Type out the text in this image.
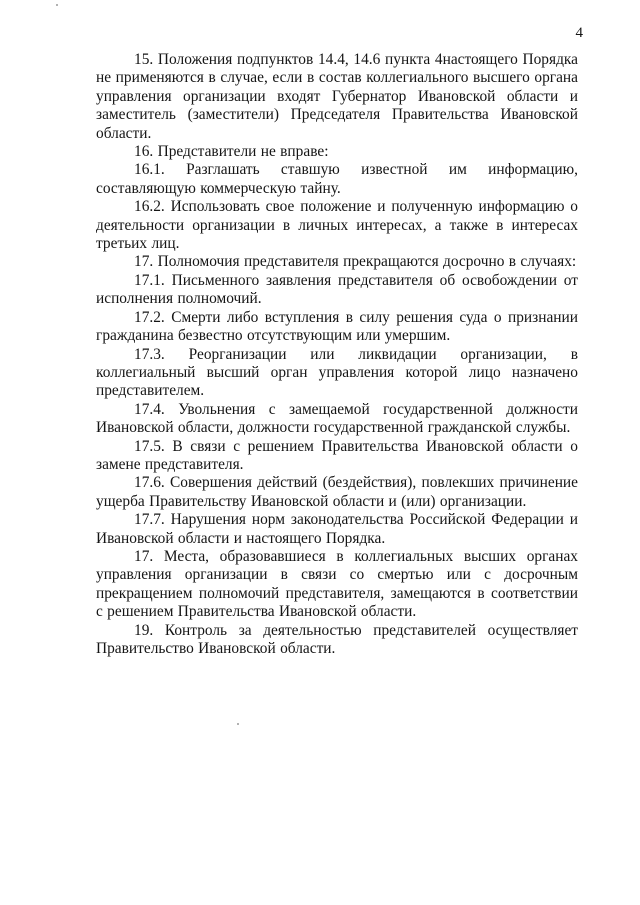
4

15. Положения подпунктов 14.4, 14.6 пункта 4настоящего Порядка не применяются в случае, если в состав коллегиального высшего органа управления организации входят Губернатор Ивановской области и заместитель (заместители) Председателя Правительства Ивановской области.

16. Представители не вправе:

16.1. Разглашать ставшую известной им информацию, составляющую коммерческую тайну.

16.2. Использовать свое положение и полученную информацию о деятельности организации в личных интересах, а также в интересах третьих лиц.

17. Полномочия представителя прекращаются досрочно в случаях:

17.1. Письменного заявления представителя об освобождении от исполнения полномочий.

17.2. Смерти либо вступления в силу решения суда о признании гражданина безвестно отсутствующим или умершим.

17.3. Реорганизации или ликвидации организации, в коллегиальный высший орган управления которой лицо назначено представителем.

17.4. Увольнения с замещаемой государственной должности Ивановской области, должности государственной гражданской службы.

17.5. В связи с решением Правительства Ивановской области о замене представителя.

17.6. Совершения действий (бездействия), повлекших причинение ущерба Правительству Ивановской области и (или) организации.

17.7. Нарушения норм законодательства Российской Федерации и Ивановской области и настоящего Порядка.

17. Места, образовавшиеся в коллегиальных высших органах управления организации в связи со смертью или с досрочным прекращением полномочий представителя, замещаются в соответствии с решением Правительства Ивановской области.

19. Контроль за деятельностью представителей осуществляет Правительство Ивановской области.
